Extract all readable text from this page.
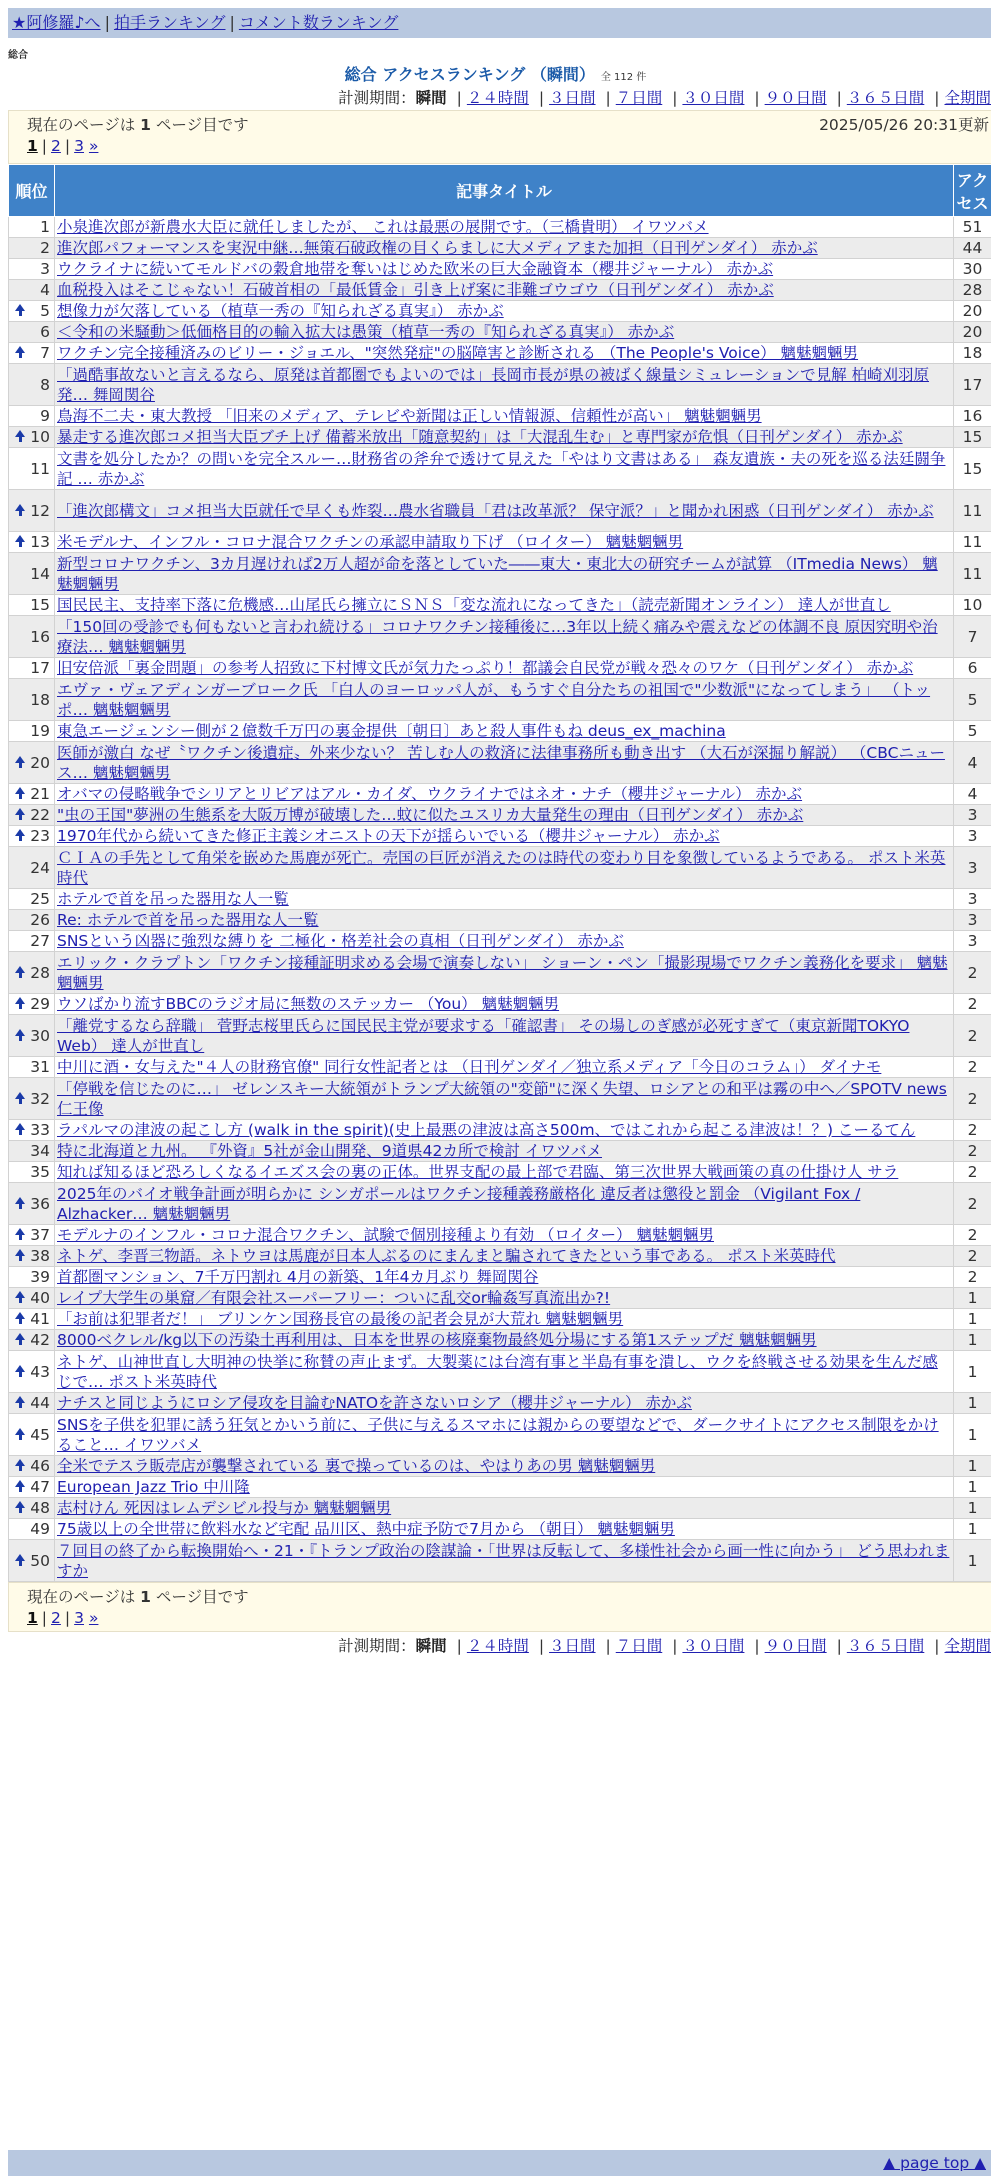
★阿修羅♪へ | 拍手ランキング | コメント数ランキング
総合
総合 アクセスランキング （瞬間） 全 112 件
計測期間：瞬間 | ２４時間 | ３日間 | ７日間 | ３０日間 | ９０日間 | ３６５日間 | 全期間
現在のページは 1 ページ目です	2025/05/26 20:31更新
1 | 2 | 3 »
順位	記事タイトル	アクセス
1	小泉進次郎が新農水大臣に就任しましたが、 これは最悪の展開です。（三橋貴明） イワツバメ	51
2	進次郎パフォーマンスを実況中継…無策石破政権の目くらましに大メディアまた加担（日刊ゲンダイ） 赤かぶ	44
3	ウクライナに続いてモルドバの穀倉地帯を奪いはじめた欧米の巨大金融資本（櫻井ジャーナル） 赤かぶ	30
4	血税投入はそこじゃない！石破首相の「最低賃金」引き上げ案に非難ゴウゴウ（日刊ゲンダイ） 赤かぶ	28

5	想像力が欠落している（植草一秀の『知られざる真実』） 赤かぶ	20
6	＜令和の米騒動＞低価格目的の輸入拡大は愚策（植草一秀の『知られざる真実』） 赤かぶ	20

7	ワクチン完全接種済みのビリー・ジョエル、"突然発症"の脳障害と診断される （The People's Voice） 魑魅魍魎男	18
8	「過酷事故ないと言えるなら、原発は首都圏でもよいのでは」長岡市長が県の被ばく線量シミュレーションで見解 柏崎刈羽原発… 舞岡関谷	17
9	鳥海不二夫・東大教授 「旧来のメディア、テレビや新聞は正しい情報源、信頼性が高い」 魑魅魍魎男	16

10	暴走する進次郎コメ担当大臣ブチ上げ 備蓄米放出「随意契約」は「大混乱生む」と専門家が危惧（日刊ゲンダイ） 赤かぶ	15
11	文書を処分したか？の問いを完全スルー…財務省の斧弁で透けて見えた「やはり文書はある」 森友遺族・夫の死を巡る法廷闘争記 … 赤かぶ	15

12	「進次郎構文」コメ担当大臣就任で早くも炸裂…農水省職員「君は改革派？ 保守派？」と聞かれ困惑（日刊ゲンダイ） 赤かぶ	11

13	米モデルナ、インフル・コロナ混合ワクチンの承認申請取り下げ （ロイター） 魑魅魍魎男	11
14	新型コロナワクチン、3カ月遅ければ2万人超が命を落としていた――東大・東北大の研究チームが試算 （ITmedia News） 魑魅魍魎男	11
15	国民民主、支持率下落に危機感…山尾氏ら擁立にＳＮＳ「変な流れになってきた」（読売新聞オンライン） 達人が世直し	10
16	「150回の受診でも何もないと言われ続ける」コロナワクチン接種後に…3年以上続く痛みや震えなどの体調不良 原因究明や治療法… 魑魅魍魎男	7
17	旧安倍派「裏金問題」の参考人招致に下村博文氏が気力たっぷり！都議会自民党が戦々恐々のワケ（日刊ゲンダイ） 赤かぶ	6
18	エヴァ・ヴェアディンガーブローク氏 「白人のヨーロッパ人が、もうすぐ自分たちの祖国で"少数派"になってしまう」 （トッポ… 魑魅魍魎男	5
19	東急エージェンシー側が２億数千万円の裏金提供〔朝日〕あと殺人事件もね deus_ex_machina	5

20	医師が激白 なぜ〝ワクチン後遺症〟外来少ない？ 苦しむ人の救済に法律事務所も動き出す （大石が深掘り解説） （CBCニュース… 魑魅魍魎男	4

21	オバマの侵略戦争でシリアとリビアはアル・カイダ、ウクライナではネオ・ナチ（櫻井ジャーナル） 赤かぶ	4

22	"虫の王国"夢洲の生態系を大阪万博が破壊した…蚊に似たユスリカ大量発生の理由（日刊ゲンダイ） 赤かぶ	3

23	1970年代から続いてきた修正主義シオニストの天下が揺らいでいる（櫻井ジャーナル） 赤かぶ	3
24	ＣＩＡの手先として角栄を嵌めた馬鹿が死亡。売国の巨匠が消えたのは時代の変わり目を象徴しているようである。 ポスト米英時代	3
25	ホテルで首を吊った器用な人一覧	3
26	Re: ホテルで首を吊った器用な人一覧	3
27	SNSという凶器に強烈な縛りを 二極化・格差社会の真相（日刊ゲンダイ） 赤かぶ	3

28	エリック・クラプトン「ワクチン接種証明求める会場で演奏しない」 ショーン・ペン「撮影現場でワクチン義務化を要求」 魑魅魍魎男	2

29	ウソばかり流すBBCのラジオ局に無数のステッカー （You） 魑魅魍魎男	2

30	「離党するなら辞職」 菅野志桜里氏らに国民民主党が要求する「確認書」 その場しのぎ感が必死すぎて（東京新聞TOKYO Web） 達人が世直し	2
31	中川に酒・女与えた"４人の財務官僚" 同行女性記者とは （日刊ゲンダイ／独立系メディア「今日のコラム」） ダイナモ	2

32	「停戦を信じたのに…」 ゼレンスキー大統領がトランプ大統領の"変節"に深く失望、ロシアとの和平は霧の中へ／SPOTV news 仁王像	2

33	ラパルマの津波の起こし方 (walk in the spirit)(史上最悪の津波は高さ500m、ではこれから起こる津波は！？) こーるてん	2
34	特に北海道と九州。 『外資』5社が金山開発、9道県42カ所で検討 イワツバメ	2
35	知れば知るほど恐ろしくなるイエズス会の裏の正体。世界支配の最上部で君臨、第三次世界大戦画策の真の仕掛け人 サラ	2

36	2025年のバイオ戦争計画が明らかに シンガポールはワクチン接種義務厳格化 違反者は懲役と罰金 （Vigilant Fox / Alzhacker… 魑魅魍魎男	2

37	モデルナのインフル・コロナ混合ワクチン、試験で個別接種より有効 （ロイター） 魑魅魍魎男	2

38	ネトゲ、李晋三物語。ネトウヨは馬鹿が日本人ぶるのにまんまと騙されてきたという事である。 ポスト米英時代	2
39	首都圏マンション、7千万円割れ 4月の新築、1年4カ月ぶり 舞岡関谷	2

40	レイプ大学生の巣窟／有限会社スーパーフリー：ついに乱交or輪姦写真流出か?!	1

41	「お前は犯罪者だ！」 ブリンケン国務長官の最後の記者会見が大荒れ 魑魅魍魎男	1

42	8000ベクレル/kg以下の汚染土再利用は、日本を世界の核廃棄物最終処分場にする第1ステップだ 魑魅魍魎男	1

43	ネトゲ、山神世直し大明神の快挙に称賛の声止まず。大製薬には台湾有事と半島有事を潰し、ウクを終戦させる効果を生んだ感じで… ポスト米英時代	1

44	ナチスと同じようにロシア侵攻を目論むNATOを許さないロシア（櫻井ジャーナル） 赤かぶ	1

45	SNSを子供を犯罪に誘う狂気とかいう前に、子供に与えるスマホには親からの要望などで、ダークサイトにアクセス制限をかけること… イワツバメ	1

46	全米でテスラ販売店が襲撃されている 裏で操っているのは、やはりあの男 魑魅魍魎男	1

47	European Jazz Trio 中川隆	1

48	志村けん 死因はレムデシビル投与か 魑魅魍魎男	1
49	75歳以上の全世帯に飲料水など宅配 品川区、熱中症予防で7月から （朝日） 魑魅魍魎男	1

50	７回目の終了から転換開始へ・21・『トランプ政治の陰謀論・「世界は反転して、多様性社会から画一性に向かう」 どう思われますか	1
現在のページは 1 ページ目です
1 | 2 | 3 »
計測期間：瞬間 | ２４時間 | ３日間 | ７日間 | ３０日間 | ９０日間 | ３６５日間 | 全期間
▲ page top ▲
